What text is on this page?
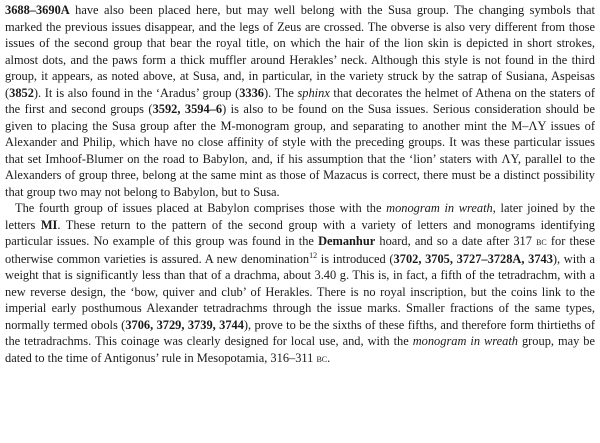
3688–3690A have also been placed here, but may well belong with the Susa group. The changing symbols that marked the previous issues disappear, and the legs of Zeus are crossed. The obverse is also very different from those issues of the second group that bear the royal title, on which the hair of the lion skin is depicted in short strokes, almost dots, and the paws form a thick muffler around Herakles’ neck. Although this style is not found in the third group, it appears, as noted above, at Susa, and, in particular, in the variety struck by the satrap of Susiana, Aspeisas (3852). It is also found in the ‘Aradus’ group (3336). The sphinx that decorates the helmet of Athena on the staters of the first and second groups (3592, 3594–6) is also to be found on the Susa issues. Serious consideration should be given to placing the Susa group after the M-monogram group, and separating to another mint the M–ΛY issues of Alexander and Philip, which have no close affinity of style with the preceding groups. It was these particular issues that set Imhoof-Blumer on the road to Babylon, and, if his assumption that the ‘lion’ staters with ΛY, parallel to the Alexanders of group three, belong at the same mint as those of Mazacus is correct, there must be a distinct possibility that group two may not belong to Babylon, but to Susa.

The fourth group of issues placed at Babylon comprises those with the monogram in wreath, later joined by the letters MI. These return to the pattern of the second group with a variety of letters and monograms identifying particular issues. No example of this group was found in the Demanhur hoard, and so a date after 317 bc for these otherwise common varieties is assured. A new denomination$^{12}$ is introduced (3702, 3705, 3727–3728A, 3743), with a weight that is significantly less than that of a drachma, about 3.40 g. This is, in fact, a fifth of the tetradrachm, with a new reverse design, the ‘bow, quiver and club’ of Herakles. There is no royal inscription, but the coins link to the imperial early posthumous Alexander tetradrachms through the issue marks. Smaller fractions of the same types, normally termed obols (3706, 3729, 3739, 3744), prove to be the sixths of these fifths, and therefore form thirtieths of the tetradrachms. This coinage was clearly designed for local use, and, with the monogram in wreath group, may be dated to the time of Antigonus’ rule in Mesopotamia, 316–311 bc.
